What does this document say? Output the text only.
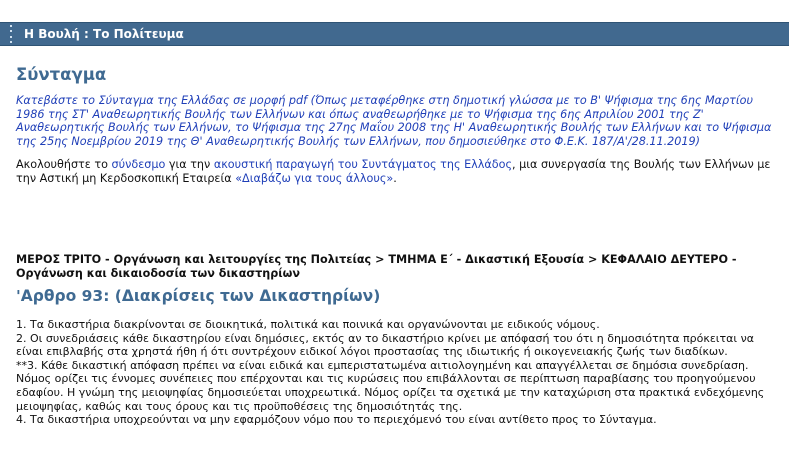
Η Βουλή : Το Πολίτευμα
Σύνταγμα

Κατεβάστε το Σύνταγμα της Ελλάδας σε μορφή pdf (Όπως μεταφέρθηκε στη δημοτική γλώσσα με το Β' Ψήφισμα της 6ης Μαρτίου 1986 της ΣΤ' Αναθεωρητικής Βουλής των Ελλήνων και όπως αναθεωρήθηκε με το Ψήφισμα της 6ης Απριλίου 2001 της Ζ' Αναθεωρητικής Βουλής των Ελλήνων, το Ψήφισμα της 27ης Μαΐου 2008 της Η' Αναθεωρητικής Βουλής των Ελλήνων και το Ψήφισμα της 25ης Νοεμβρίου 2019 της Θ' Αναθεωρητικής Βουλής των Ελλήνων, που δημοσιεύθηκε στο Φ.Ε.Κ. 187/Α'/28.11.2019)

Ακολουθήστε το σύνδεσμο για την ακουστική παραγωγή του Συντάγματος της Ελλάδος, μια συνεργασία της Βουλής των Ελλήνων με την Αστική μη Κερδοσκοπική Εταιρεία «Διαβάζω για τους άλλους».

ΜΕΡΟΣ ΤΡΙΤΟ - Οργάνωση και λειτουργίες της Πολιτείας > ΤΜΗΜΑ Ε΄ - Δικαστική Εξουσία > ΚΕΦΑΛΑΙΟ ΔΕΥΤΕΡΟ - Οργάνωση και δικαιοδοσία των δικαστηρίων
'Αρθρο 93: (Διακρίσεις των Δικαστηρίων)

1. Τα δικαστήρια διακρίνονται σε διοικητικά, πολιτικά και ποινικά και οργανώνονται με ειδικούς νόμους.

2. Οι συνεδριάσεις κάθε δικαστηρίου είναι δημόσιες, εκτός αν το δικαστήριο κρίνει με απόφασή του ότι η δημοσιότητα πρόκειται να είναι επιβλαβής στα χρηστά ήθη ή ότι συντρέχουν ειδικοί λόγοι προστασίας της ιδιωτικής ή οικογενειακής ζωής των διαδίκων.

**3. Κάθε δικαστική απόφαση πρέπει να είναι ειδικά και εμπεριστατωμένα αιτιολογημένη και απαγγέλλεται σε δημόσια συνεδρίαση. Νόμος ορίζει τις έννομες συνέπειες που επέρχονται και τις κυρώσεις που επιβάλλονται σε περίπτωση παραβίασης του προηγούμενου εδαφίου. Η γνώμη της μειοψηφίας δημοσιεύεται υποχρεωτικά. Νόμος ορίζει τα σχετικά με την καταχώριση στα πρακτικά ενδεχόμενης μειοψηφίας, καθώς και τους όρους και τις προϋποθέσεις της δημοσιότητάς της.

4. Τα δικαστήρια υποχρεούνται να μην εφαρμόζουν νόμο που το περιεχόμενό του είναι αντίθετο προς το Σύνταγμα.
